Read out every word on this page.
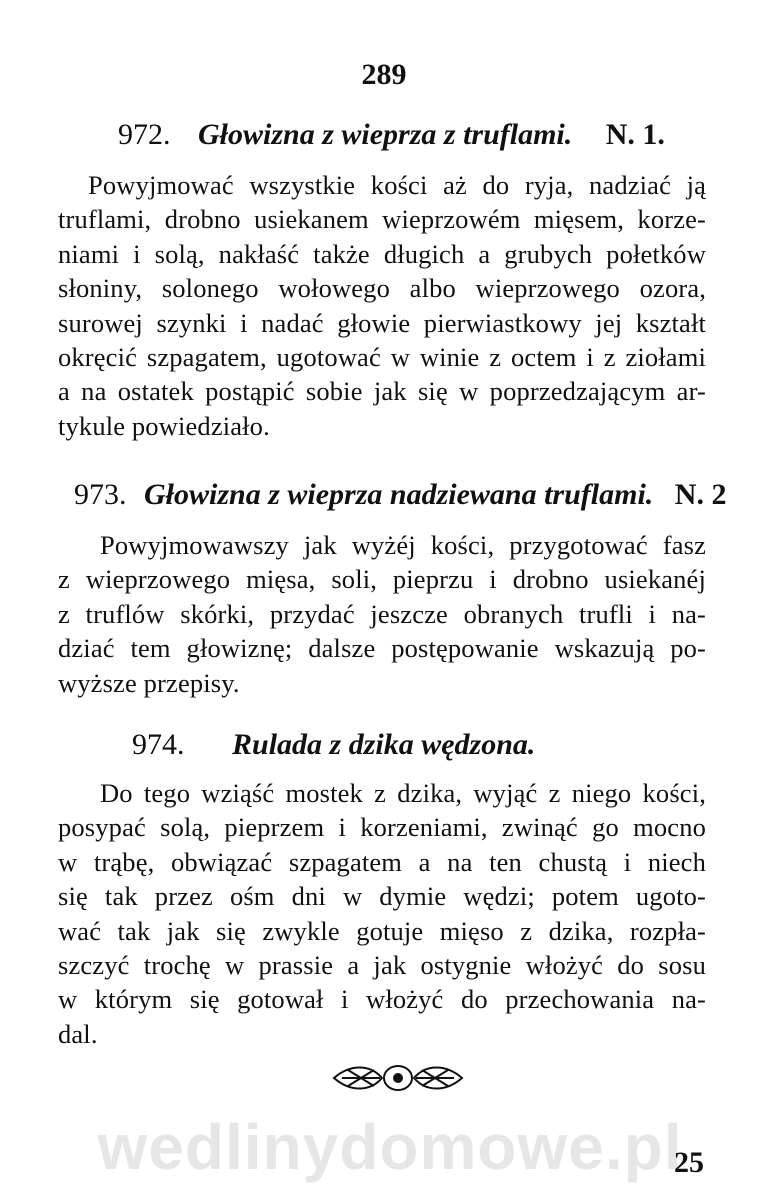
289
972. Głowizna z wieprza z truflami. N. 1.
Powyjmować wszystkie kości aż do ryja, nadziać ją
truflami, drobno usiekanem wieprzowém mięsem, korze-
niami i solą, nakłaść także długich a grubych połetków
słoniny, solonego wołowego albo wieprzowego ozora,
surowej szynki i nadać głowie pierwiastkowy jej kształt
okręcić szpagatem, ugotować w winie z octem i z ziołami
a na ostatek postąpić sobie jak się w poprzedzającym ar-
tykule powiedziało.
973. Głowizna z wieprza nadziewana truflami. N. 2
Powyjmowawszy jak wyżéj kości, przygotować fasz
z wieprzowego mięsa, soli, pieprzu i drobno usiekanéj
z truflów skórki, przydać jeszcze obranych trufli i na-
dziać tem głowiznę; dalsze postępowanie wskazują po-
wyższe przepisy.
974. Rulada z dzika wędzona.
Do tego wziąść mostek z dzika, wyjąć z niego kości,
posypać solą, pieprzem i korzeniami, zwinąć go mocno
w trąbę, obwiązać szpagatem a na ten chustą i niech
się tak przez ośm dni w dymie wędzi; potem ugoto-
wać tak jak się zwykle gotuje mięso z dzika, rozpła-
szczyć trochę w prassie a jak ostygnie włożyć do sosu
w którym się gotował i włożyć do przechowania na-
dal.
wedlinydomowe.pl
25
